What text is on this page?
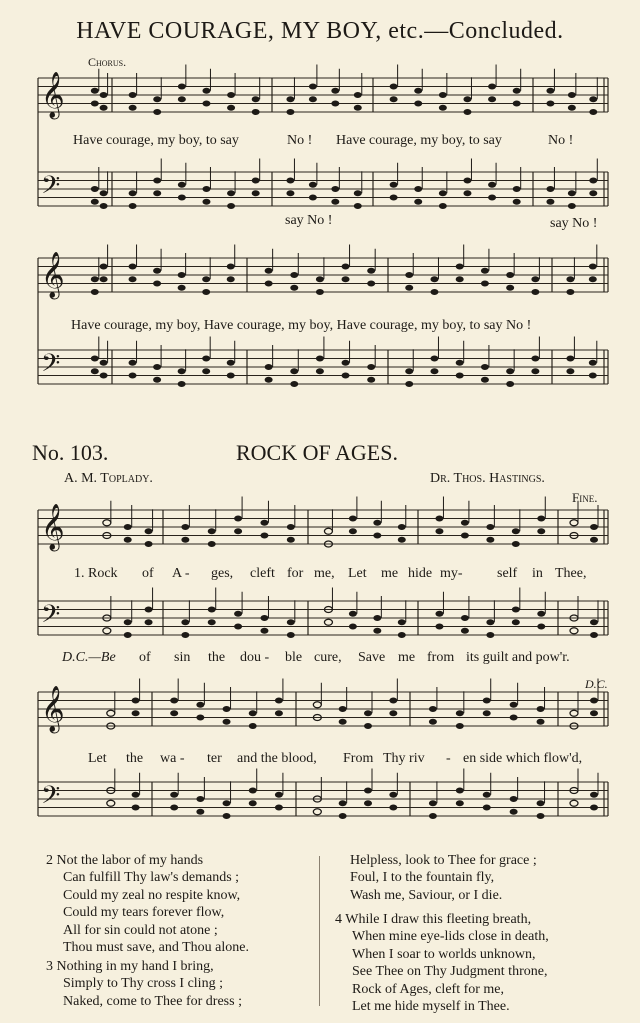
HAVE COURAGE, MY BOY, etc.—Concluded.
𝄞
𝄢
𝄞
𝄢
𝄞
𝄢
𝄞
𝄢
Chorus.
Have courage, my boy, to say	No ! Have courage, my boy, to say	No !
say No !	say No !
Have courage, my boy, Have courage, my boy, Have courage, my boy, to say No !
No. 103.	ROCK OF AGES.
A. M. Toplady.	Dr. Thos. Hastings.
Fine.
D.C.
1. Rock of A - ges, cleft for me, Let me hide my- self in Thee,
D.C.—Be of sin the dou - ble cure, Save me from its guilt and pow'r.
Let the wa - ter and the blood, From Thy riv - en side which flow'd,
2 Not the labor of my hands
Can fulfill Thy law's demands ;
Could my zeal no respite know,
Could my tears forever flow,
All for sin could not atone ;
Thou must save, and Thou alone.
3 Nothing in my hand I bring,
Simply to Thy cross I cling ;
Naked, come to Thee for dress ;
Helpless, look to Thee for grace ;
Foul, I to the fountain fly,
Wash me, Saviour, or I die.
4 While I draw this fleeting breath,
When mine eye-lids close in death,
When I soar to worlds unknown,
See Thee on Thy Judgment throne,
Rock of Ages, cleft for me,
Let me hide myself in Thee.
